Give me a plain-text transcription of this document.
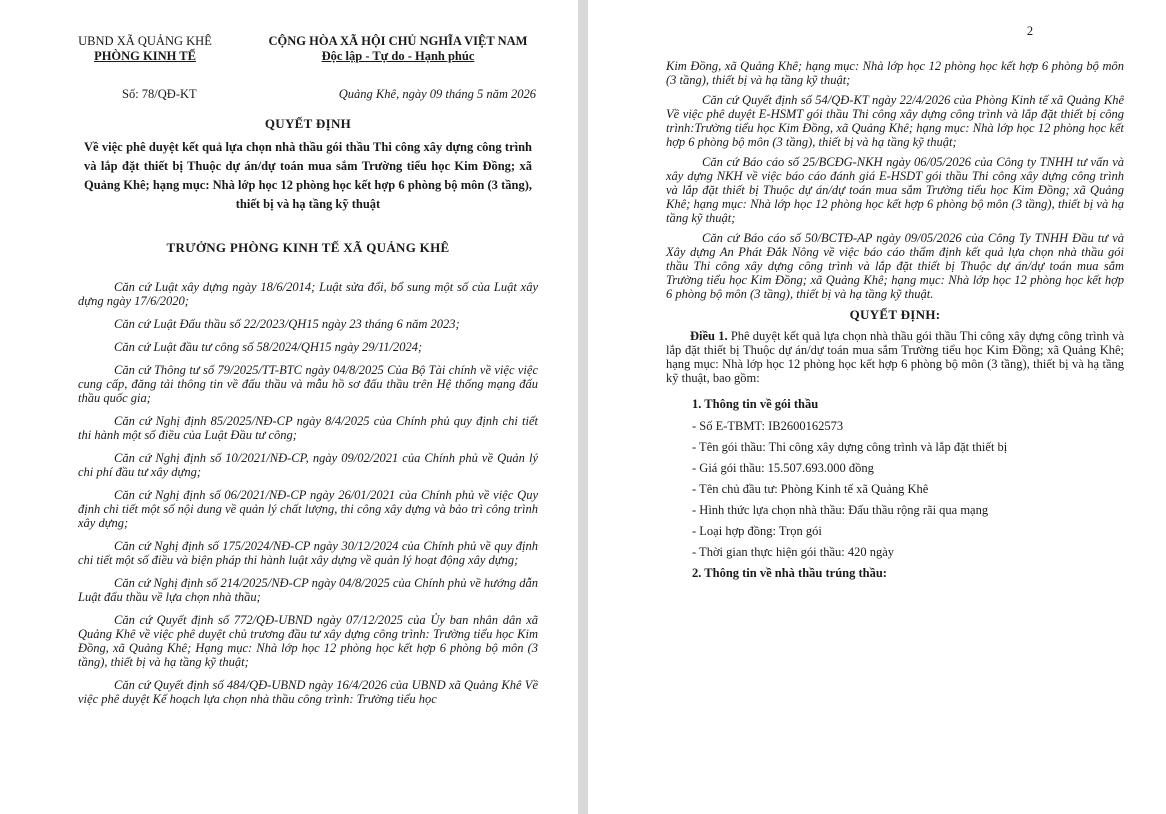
UBND XÃ QUẢNG KHÊ
PHÒNG KINH TẾ
CỘNG HÒA XÃ HỘI CHỦ NGHĨA VIỆT NAM
Độc lập - Tự do - Hạnh phúc
Số: 78/QĐ-KT	Quảng Khê, ngày 09 tháng 5 năm 2026
QUYẾT ĐỊNH
Về việc phê duyệt kết quả lựa chọn nhà thầu gói thầu Thi công xây dựng công trình và lắp đặt thiết bị Thuộc dự án/dự toán mua sắm Trường tiểu học Kim Đồng; xã Quảng Khê; hạng mục: Nhà lớp học 12 phòng học kết hợp 6 phòng bộ môn (3 tầng), thiết bị và hạ tầng kỹ thuật
TRƯỞNG PHÒNG KINH TẾ XÃ QUẢNG KHÊ

Căn cứ Luật xây dựng ngày 18/6/2014; Luật sửa đổi, bổ sung một số của Luật xây dựng ngày 17/6/2020;

Căn cứ Luật Đấu thầu số 22/2023/QH15 ngày 23 tháng 6 năm 2023;

Căn cứ Luật đầu tư công số 58/2024/QH15 ngày 29/11/2024;

Căn cứ Thông tư số 79/2025/TT-BTC ngày 04/8/2025 Của Bộ Tài chính về việc việc cung cấp, đăng tải thông tin về đấu thầu và mẫu hồ sơ đấu thầu trên Hệ thống mạng đấu thầu quốc gia;

Căn cứ Nghị định 85/2025/NĐ-CP ngày 8/4/2025 của Chính phủ quy định chi tiết thi hành một số điều của Luật Đầu tư công;

Căn cứ Nghị định số 10/2021/NĐ-CP, ngày 09/02/2021 của Chính phủ về Quản lý chi phí đầu tư xây dựng;

Căn cứ Nghị định số 06/2021/NĐ-CP ngày 26/01/2021 của Chính phủ về việc Quy định chi tiết một số nội dung về quản lý chất lượng, thi công xây dựng và bảo trì công trình xây dựng;

Căn cứ Nghị định số 175/2024/NĐ-CP ngày 30/12/2024 của Chính phủ về quy định chi tiết một số điều và biện pháp thi hành luật xây dựng về quản lý hoạt động xây dựng;

Căn cứ Nghị định số 214/2025/NĐ-CP ngày 04/8/2025 của Chính phủ về hướng dẫn Luật đấu thầu về lựa chọn nhà thầu;

Căn cứ Quyết định số 772/QĐ-UBND ngày 07/12/2025 của Ủy ban nhân dân xã Quảng Khê về việc phê duyệt chủ trương đầu tư xây dựng công trình: Trường tiểu học Kim Đồng, xã Quảng Khê; Hạng mục: Nhà lớp học 12 phòng học kết hợp 6 phòng bộ môn (3 tầng), thiết bị và hạ tầng kỹ thuật;

Căn cứ Quyết định số 484/QĐ-UBND ngày 16/4/2026 của UBND xã Quảng Khê Về việc phê duyệt Kế hoạch lựa chọn nhà thầu công trình: Trường tiểu học

2

Kim Đồng, xã Quảng Khê; hạng mục: Nhà lớp học 12 phòng học kết hợp 6 phòng bộ môn (3 tầng), thiết bị và hạ tầng kỹ thuật;

Căn cứ Quyết định số 54/QĐ-KT ngày 22/4/2026 của Phòng Kinh tế xã Quảng Khê Về việc phê duyệt E-HSMT gói thầu Thi công xây dựng công trình và lắp đặt thiết bị công trình:Trường tiểu học Kim Đồng, xã Quảng Khê; hạng mục: Nhà lớp học 12 phòng học kết hợp 6 phòng bộ môn (3 tầng), thiết bị và hạ tầng kỹ thuật;

Căn cứ Báo cáo số 25/BCĐG-NKH ngày 06/05/2026 của Công ty TNHH tư vấn và xây dựng NKH về việc báo cáo đánh giá E-HSDT gói thầu Thi công xây dựng công trình và lắp đặt thiết bị Thuộc dự án/dự toán mua sắm Trường tiểu học Kim Đồng; xã Quảng Khê; hạng mục: Nhà lớp học 12 phòng học kết hợp 6 phòng bộ môn (3 tầng), thiết bị và hạ tầng kỹ thuật;

Căn cứ Báo cáo số 50/BCTĐ-AP ngày 09/05/2026 của Công Ty TNHH Đầu tư và Xây dựng An Phát Đắk Nông về việc báo cáo thẩm định kết quả lựa chọn nhà thầu gói thầu Thi công xây dựng công trình và lắp đặt thiết bị Thuộc dự án/dự toán mua sắm Trường tiểu học Kim Đồng; xã Quảng Khê; hạng mục: Nhà lớp học 12 phòng học kết hợp 6 phòng bộ môn (3 tầng), thiết bị và hạ tầng kỹ thuật.

QUYẾT ĐỊNH:

Điều 1. Phê duyệt kết quả lựa chọn nhà thầu gói thầu Thi công xây dựng công trình và lắp đặt thiết bị Thuộc dự án/dự toán mua sắm Trường tiểu học Kim Đồng; xã Quảng Khê; hạng mục: Nhà lớp học 12 phòng học kết hợp 6 phòng bộ môn (3 tầng), thiết bị và hạ tầng kỹ thuật, bao gồm:

1. Thông tin về gói thầu
- Số E-TBMT: IB2600162573
- Tên gói thầu: Thi công xây dựng công trình và lắp đặt thiết bị
- Giá gói thầu: 15.507.693.000 đồng
- Tên chủ đầu tư: Phòng Kinh tế xã Quảng Khê
- Hình thức lựa chọn nhà thầu: Đấu thầu rộng rãi qua mạng
- Loại hợp đồng: Trọn gói
- Thời gian thực hiện gói thầu: 420 ngày
2. Thông tin về nhà thầu trúng thầu:
